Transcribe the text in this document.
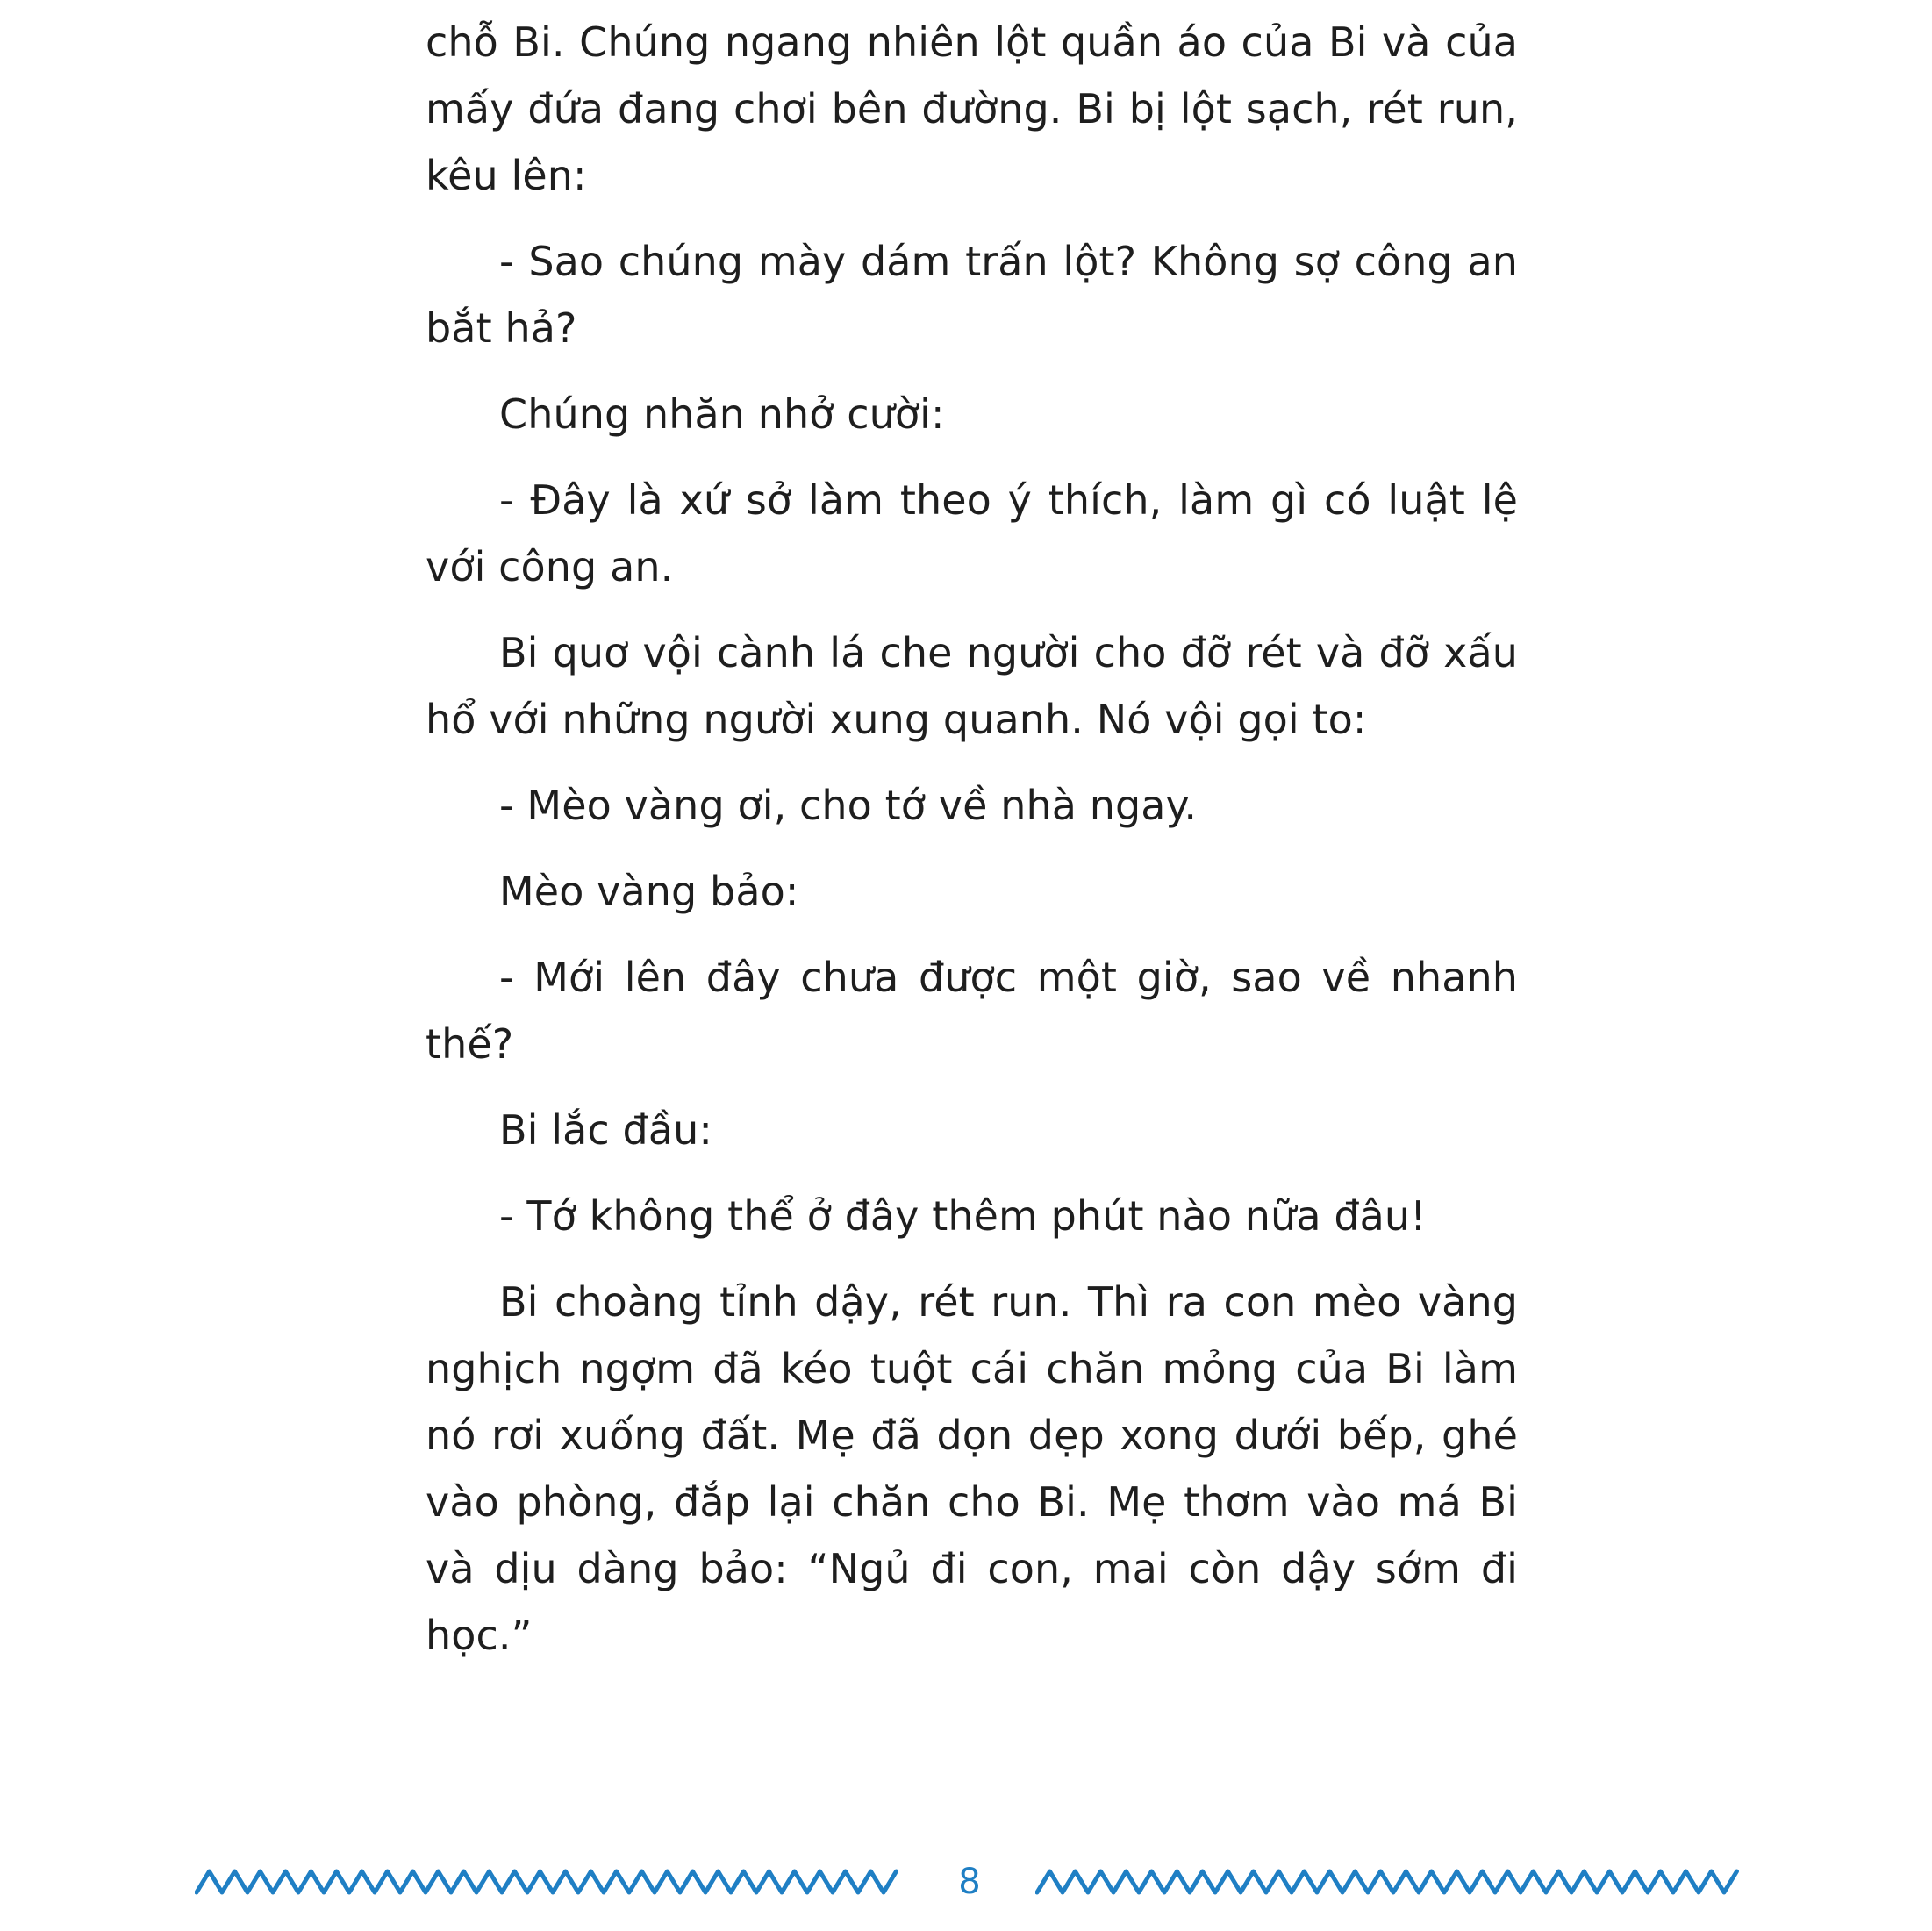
chỗ Bi. Chúng ngang nhiên lột quần áo của Bi và của mấy đứa đang chơi bên đường. Bi bị lột sạch, rét run, kêu lên:

- Sao chúng mày dám trấn lột? Không sợ công an bắt hả?

Chúng nhăn nhở cười:

- Đây là xứ sở làm theo ý thích, làm gì có luật lệ với công an.

Bi quơ vội cành lá che người cho đỡ rét và đỡ xấu hổ với những người xung quanh. Nó vội gọi to:

- Mèo vàng ơi, cho tớ về nhà ngay.

Mèo vàng bảo:

- Mới lên đây chưa được một giờ, sao về nhanh thế?

Bi lắc đầu:

- Tớ không thể ở đây thêm phút nào nữa đâu!

Bi choàng tỉnh dậy, rét run. Thì ra con mèo vàng nghịch ngợm đã kéo tuột cái chăn mỏng của Bi làm nó rơi xuống đất. Mẹ đã dọn dẹp xong dưới bếp, ghé vào phòng, đắp lại chăn cho Bi. Mẹ thơm vào má Bi và dịu dàng bảo: “Ngủ đi con, mai còn dậy sớm đi học.”

8
